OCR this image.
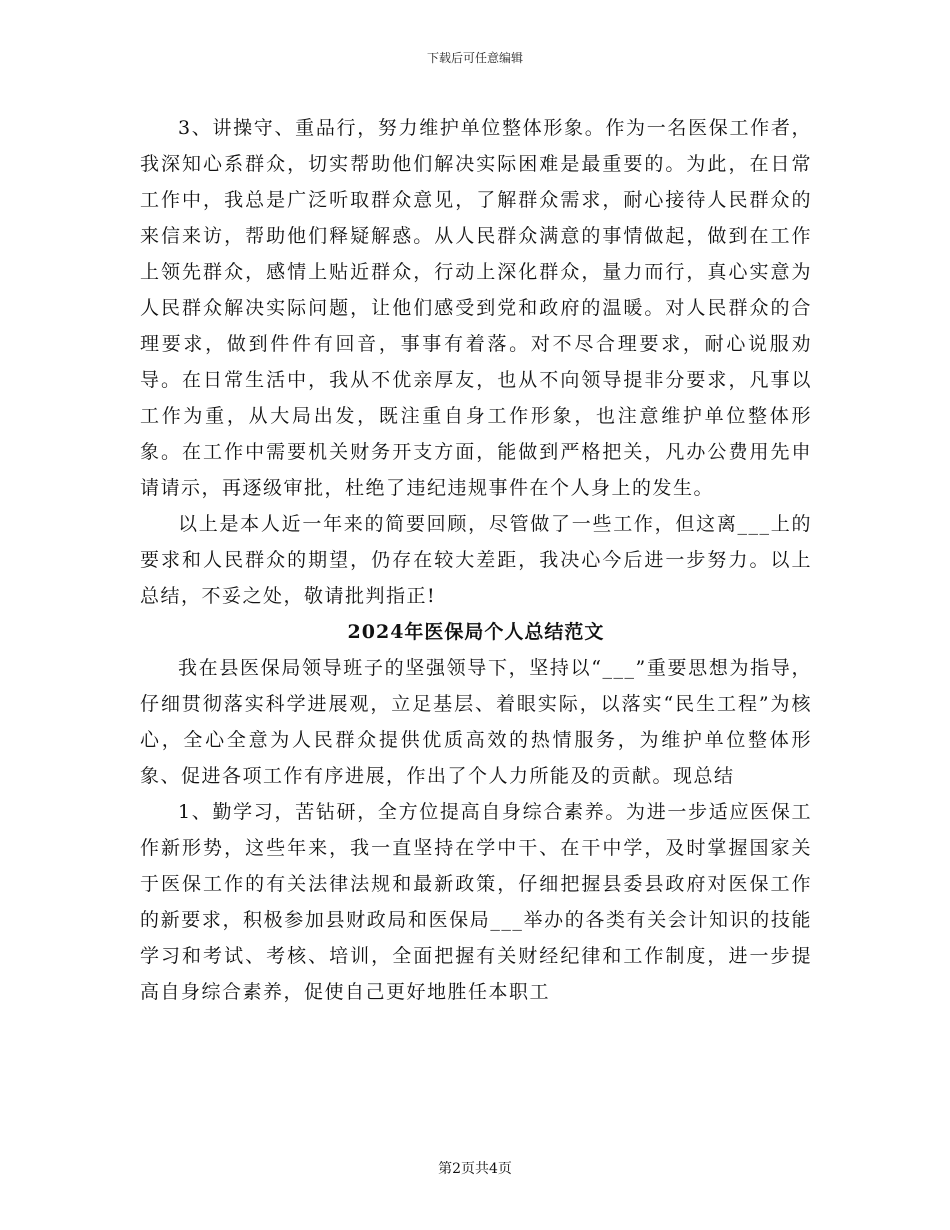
下载后可任意编辑

3、讲操守、重品行，努力维护单位整体形象。作为一名医保工作者，我深知心系群众，切实帮助他们解决实际困难是最重要的。为此，在日常工作中，我总是广泛听取群众意见，了解群众需求，耐心接待人民群众的来信来访，帮助他们释疑解惑。从人民群众满意的事情做起，做到在工作上领先群众，感情上贴近群众，行动上深化群众，量力而行，真心实意为人民群众解决实际问题，让他们感受到党和政府的温暖。对人民群众的合理要求，做到件件有回音，事事有着落。对不尽合理要求，耐心说服劝导。在日常生活中，我从不优亲厚友，也从不向领导提非分要求，凡事以工作为重，从大局出发，既注重自身工作形象，也注意维护单位整体形象。在工作中需要机关财务开支方面，能做到严格把关，凡办公费用先申请请示，再逐级审批，杜绝了违纪违规事件在个人身上的发生。

以上是本人近一年来的简要回顾，尽管做了一些工作，但这离___上的要求和人民群众的期望，仍存在较大差距，我决心今后进一步努力。以上总结，不妥之处，敬请批判指正!

2024年医保局个人总结范文

我在县医保局领导班子的坚强领导下，坚持以“___”重要思想为指导，仔细贯彻落实科学进展观，立足基层、着眼实际，以落实“民生工程”为核心，全心全意为人民群众提供优质高效的热情服务，为维护单位整体形象、促进各项工作有序进展，作出了个人力所能及的贡献。现总结

1、勤学习，苦钻研，全方位提高自身综合素养。为进一步适应医保工作新形势，这些年来，我一直坚持在学中干、在干中学，及时掌握国家关于医保工作的有关法律法规和最新政策，仔细把握县委县政府对医保工作的新要求，积极参加县财政局和医保局___举办的各类有关会计知识的技能学习和考试、考核、培训，全面把握有关财经纪律和工作制度，进一步提高自身综合素养，促使自己更好地胜任本职工

第2页共4页
